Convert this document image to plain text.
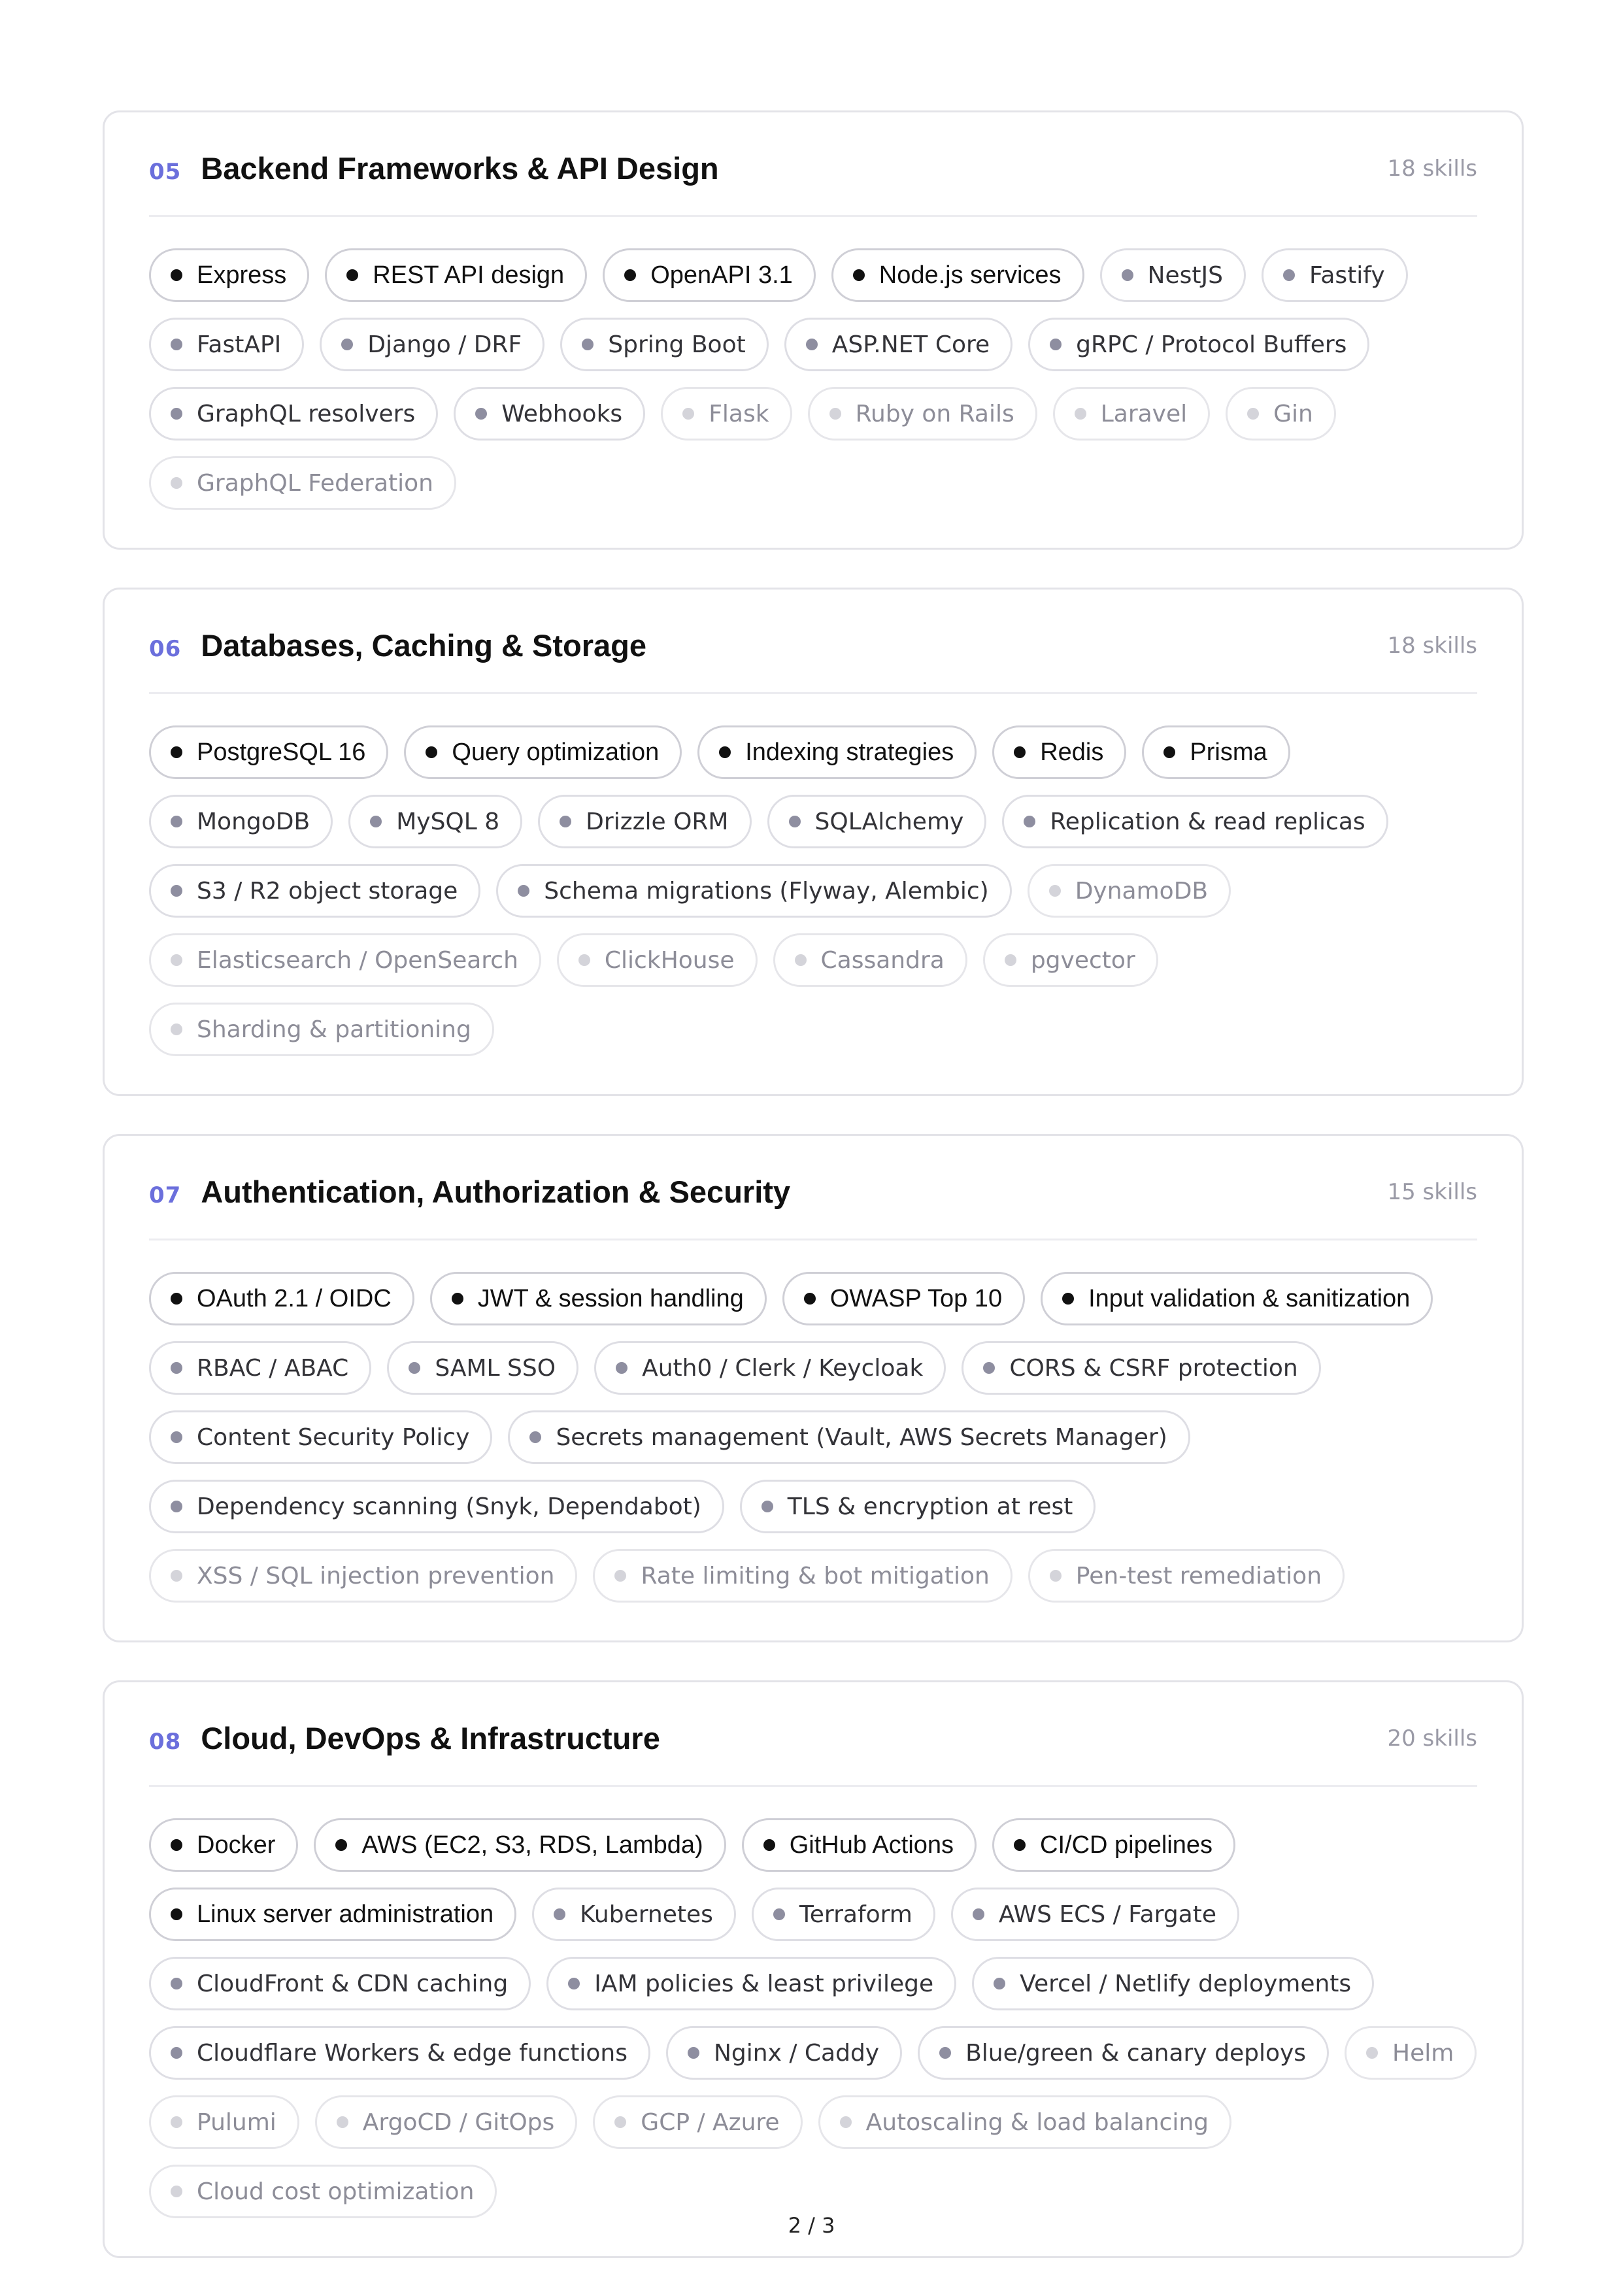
05 Backend Frameworks & API Design	18 skills
Express	REST API design	OpenAPI 3.1	Node.js services	NestJS	Fastify
FastAPI	Django / DRF	Spring Boot	ASP.NET Core	gRPC / Protocol Buffers
GraphQL resolvers	Webhooks	Flask	Ruby on Rails	Laravel	Gin
GraphQL Federation
06 Databases, Caching & Storage	18 skills
PostgreSQL 16	Query optimization	Indexing strategies	Redis	Prisma
MongoDB	MySQL 8	Drizzle ORM	SQLAlchemy	Replication & read replicas
S3 / R2 object storage	Schema migrations (Flyway, Alembic)	DynamoDB
Elasticsearch / OpenSearch	ClickHouse	Cassandra	pgvector
Sharding & partitioning
07 Authentication, Authorization & Security	15 skills
OAuth 2.1 / OIDC	JWT & session handling	OWASP Top 10	Input validation & sanitization
RBAC / ABAC	SAML SSO	Auth0 / Clerk / Keycloak	CORS & CSRF protection
Content Security Policy	Secrets management (Vault, AWS Secrets Manager)
Dependency scanning (Snyk, Dependabot)	TLS & encryption at rest
XSS / SQL injection prevention	Rate limiting & bot mitigation	Pen-test remediation
08 Cloud, DevOps & Infrastructure	20 skills
Docker	AWS (EC2, S3, RDS, Lambda)	GitHub Actions	CI/CD pipelines
Linux server administration	Kubernetes	Terraform	AWS ECS / Fargate
CloudFront & CDN caching	IAM policies & least privilege	Vercel / Netlify deployments
Cloudflare Workers & edge functions	Nginx / Caddy	Blue/green & canary deploys	Helm
Pulumi	ArgoCD / GitOps	GCP / Azure	Autoscaling & load balancing
Cloud cost optimization
2 / 3
